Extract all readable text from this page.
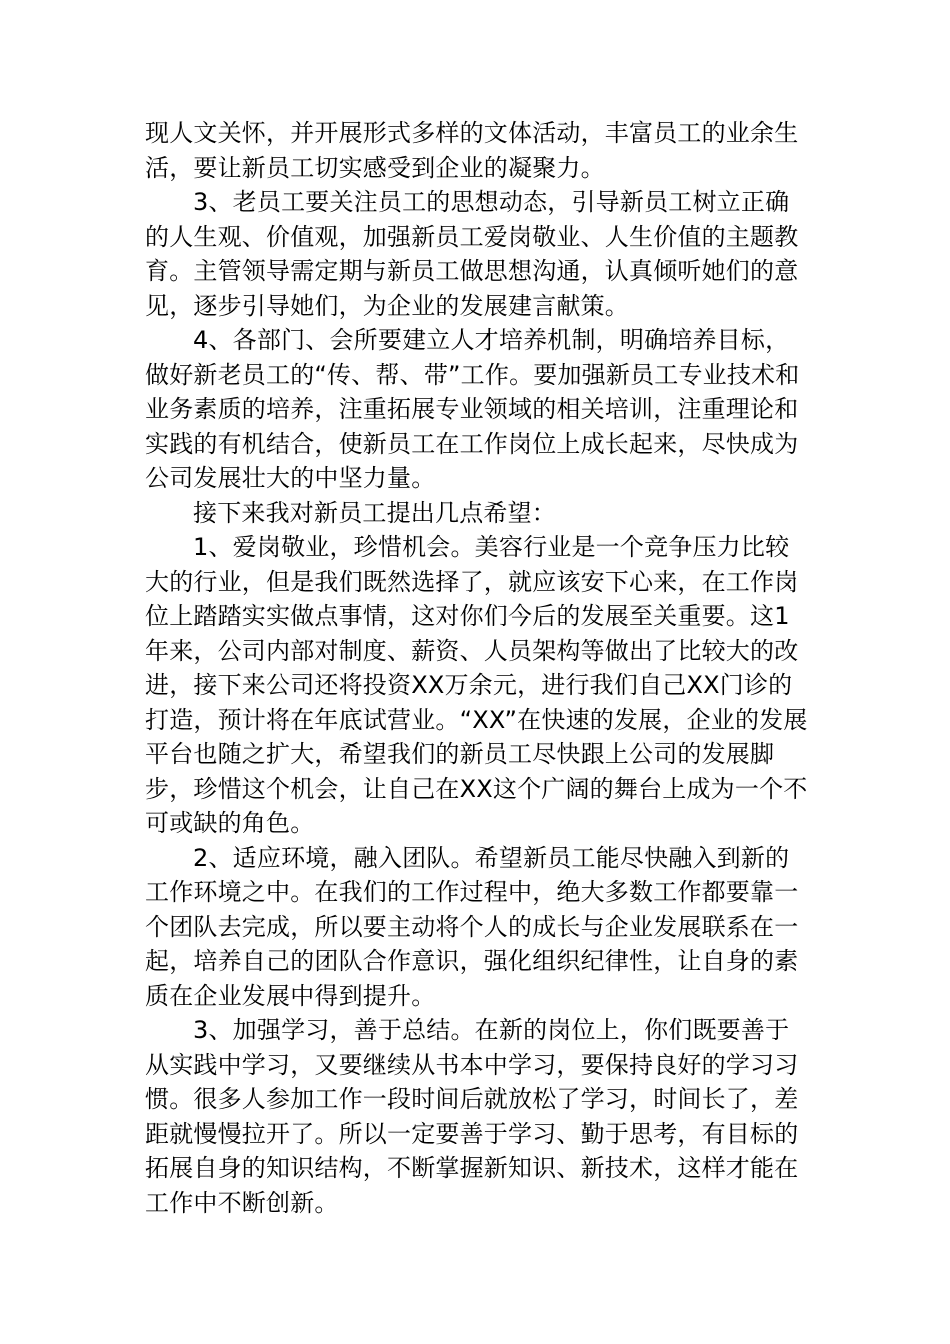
现人文关怀，并开展形式多样的文体活动，丰富员工的业余生活，要让新员工切实感受到企业的凝聚力。

3、老员工要关注员工的思想动态，引导新员工树立正确的人生观、价值观，加强新员工爱岗敬业、人生价值的主题教育。主管领导需定期与新员工做思想沟通，认真倾听她们的意见，逐步引导她们，为企业的发展建言献策。

4、各部门、会所要建立人才培养机制，明确培养目标，做好新老员工的“传、帮、带”工作。要加强新员工专业技术和业务素质的培养，注重拓展专业领域的相关培训，注重理论和实践的有机结合，使新员工在工作岗位上成长起来，尽快成为公司发展壮大的中坚力量。

接下来我对新员工提出几点希望：

1、爱岗敬业，珍惜机会。美容行业是一个竞争压力比较大的行业，但是我们既然选择了，就应该安下心来，在工作岗位上踏踏实实做点事情，这对你们今后的发展至关重要。这1年来，公司内部对制度、薪资、人员架构等做出了比较大的改进，接下来公司还将投资XX万余元，进行我们自己XX门诊的打造，预计将在年底试营业。“XX”在快速的发展，企业的发展平台也随之扩大，希望我们的新员工尽快跟上公司的发展脚步，珍惜这个机会，让自己在XX这个广阔的舞台上成为一个不可或缺的角色。

2、适应环境，融入团队。希望新员工能尽快融入到新的工作环境之中。在我们的工作过程中，绝大多数工作都要靠一个团队去完成，所以要主动将个人的成长与企业发展联系在一起，培养自己的团队合作意识，强化组织纪律性，让自身的素质在企业发展中得到提升。

3、加强学习，善于总结。在新的岗位上，你们既要善于从实践中学习，又要继续从书本中学习，要保持良好的学习习惯。很多人参加工作一段时间后就放松了学习，时间长了，差距就慢慢拉开了。所以一定要善于学习、勤于思考，有目标的拓展自身的知识结构，不断掌握新知识、新技术，这样才能在工作中不断创新。
